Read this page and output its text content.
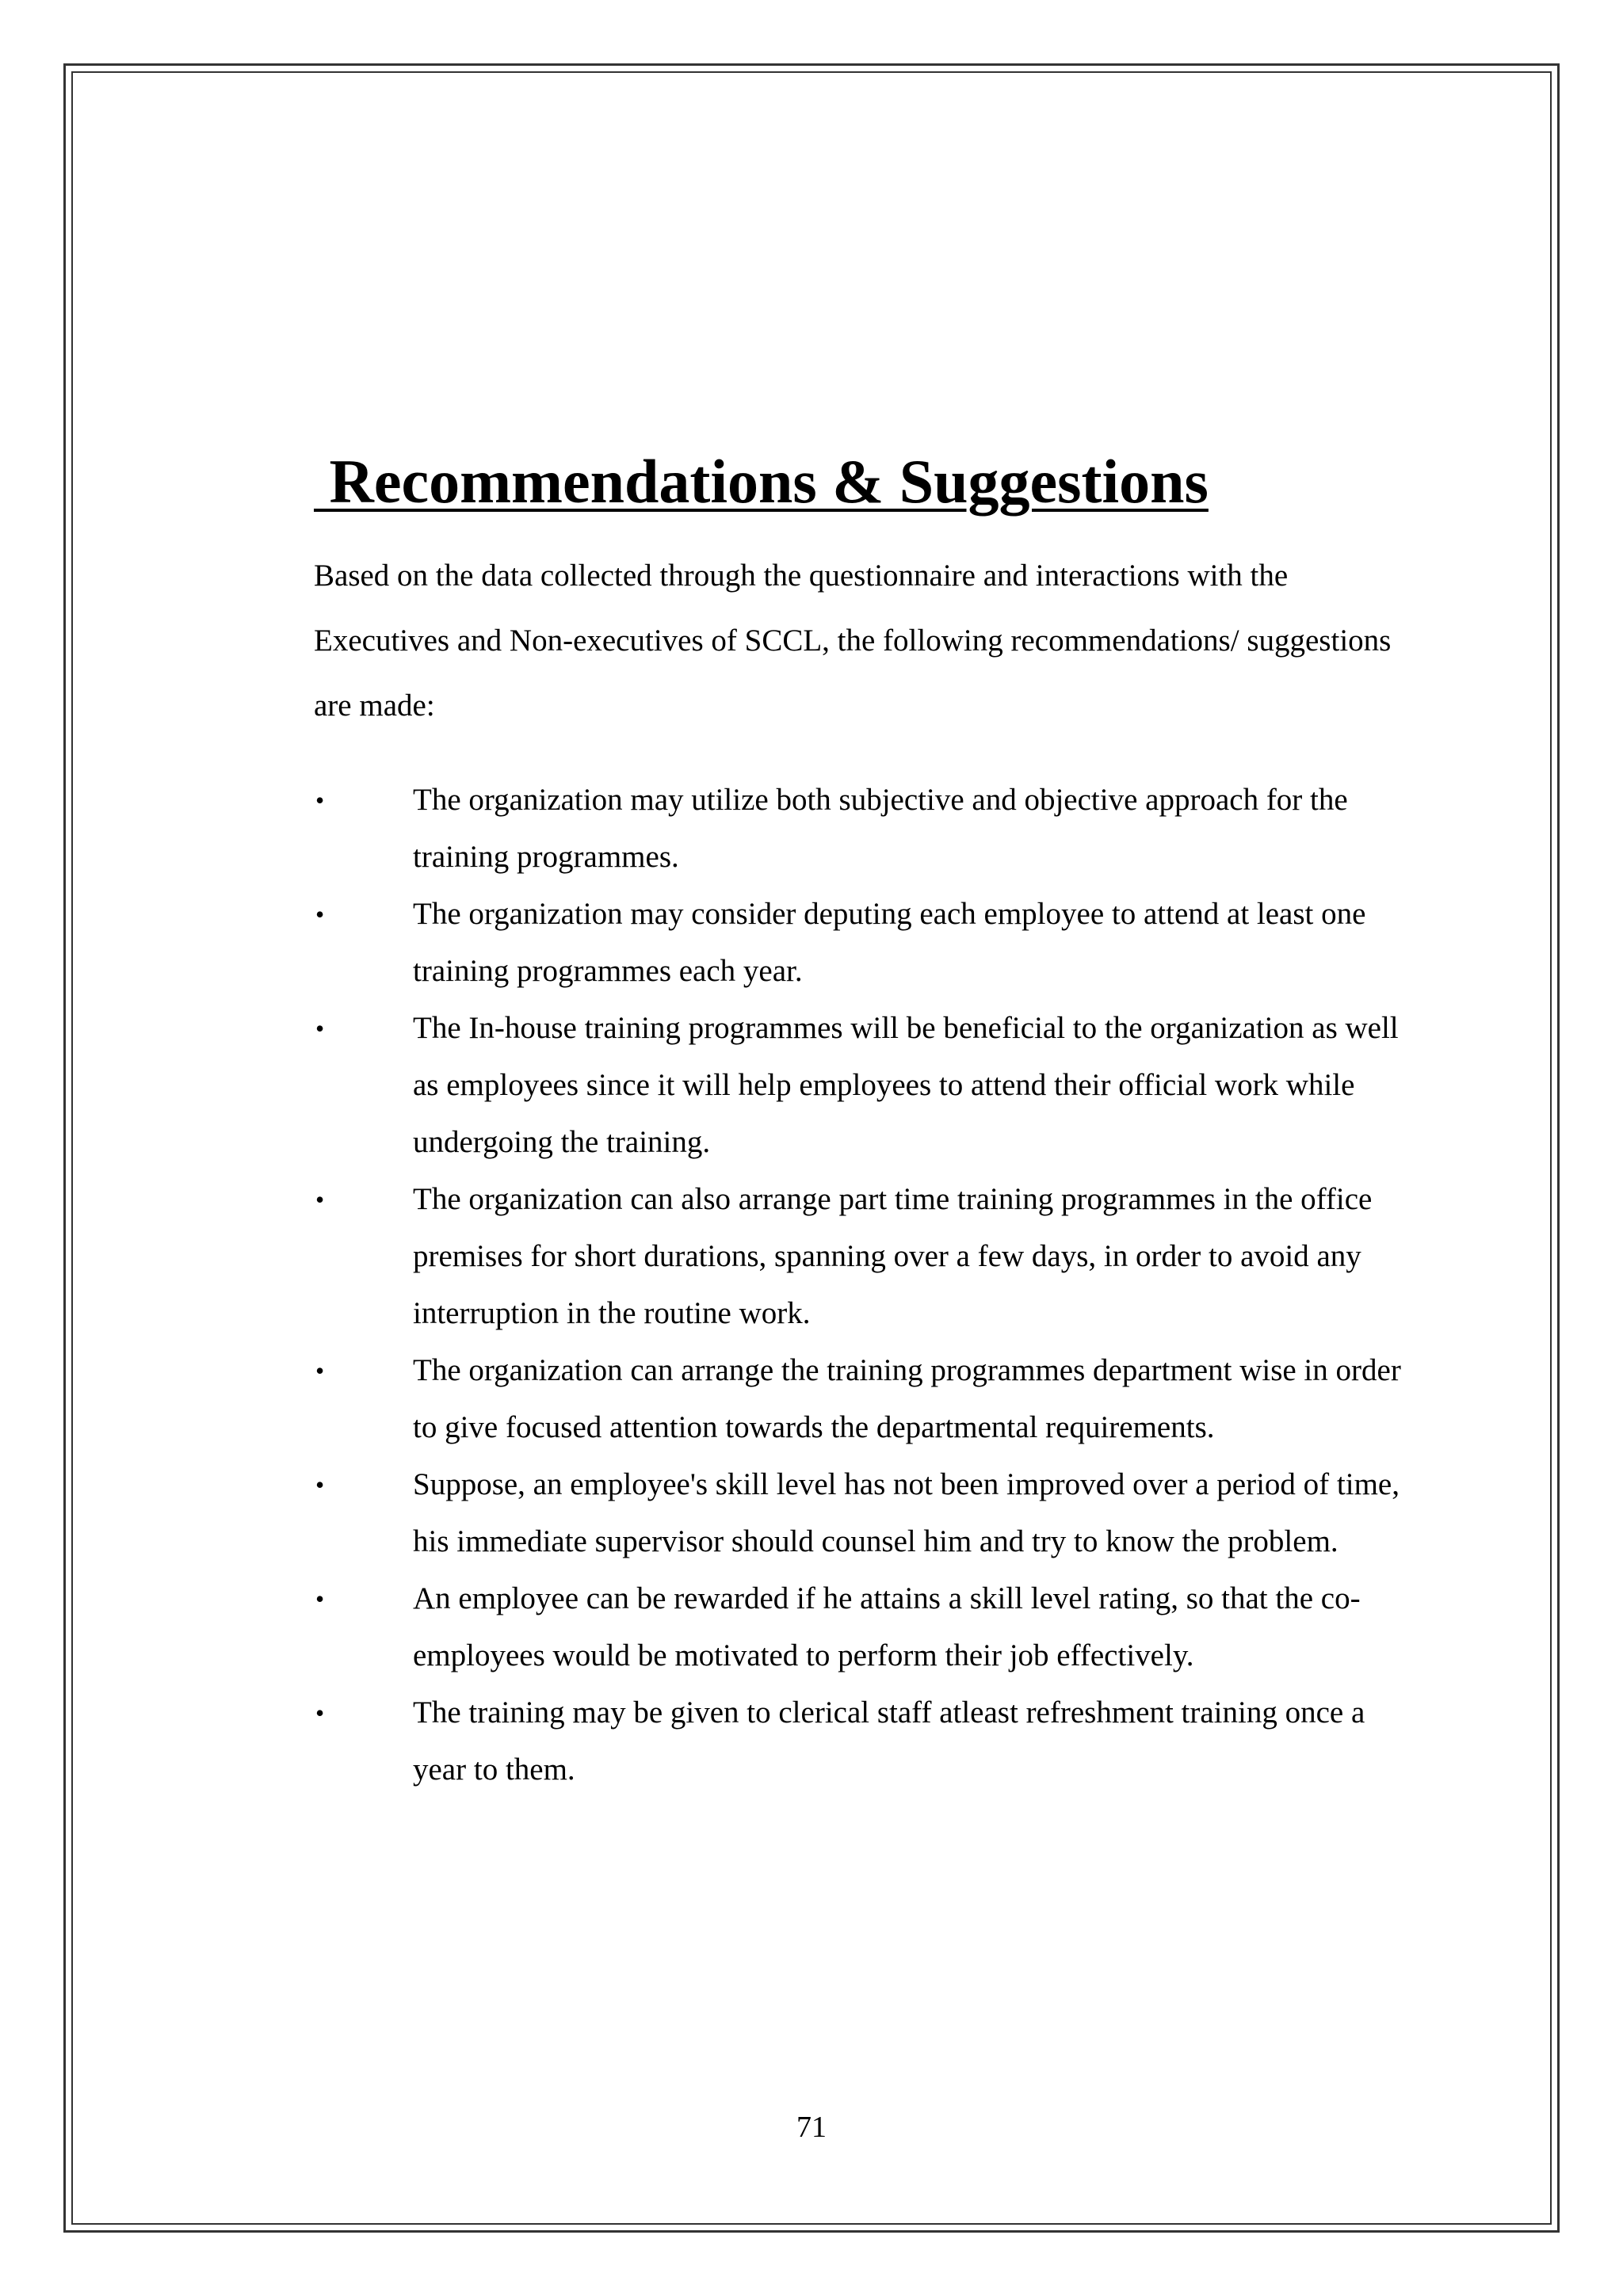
Recommendations & Suggestions

Based on the data collected through the questionnaire and interactions with the
Executives and Non-executives of SCCL, the following recommendations/ suggestions
are made:

•	The organization may utilize both subjective and objective approach for the
training programmes.
•	The organization may consider deputing each employee to attend at least one
training programmes each year.
•	The In-house training programmes will be beneficial to the organization as well
as employees since it will help employees to attend their official work while
undergoing the training.
•	The organization can also arrange part time training programmes in the office
premises for short durations, spanning over a few days, in order to avoid any
interruption in the routine work.
•	The organization can arrange the training programmes department wise in order
to give focused attention towards the departmental requirements.
•	Suppose, an employee's skill level has not been improved over a period of time,
his immediate supervisor should counsel him and try to know the problem.
•	An employee can be rewarded if he attains a skill level rating, so that the co-
employees would be motivated to perform their job effectively.
•	The training may be given to clerical staff atleast refreshment training once a
year to them.
71
